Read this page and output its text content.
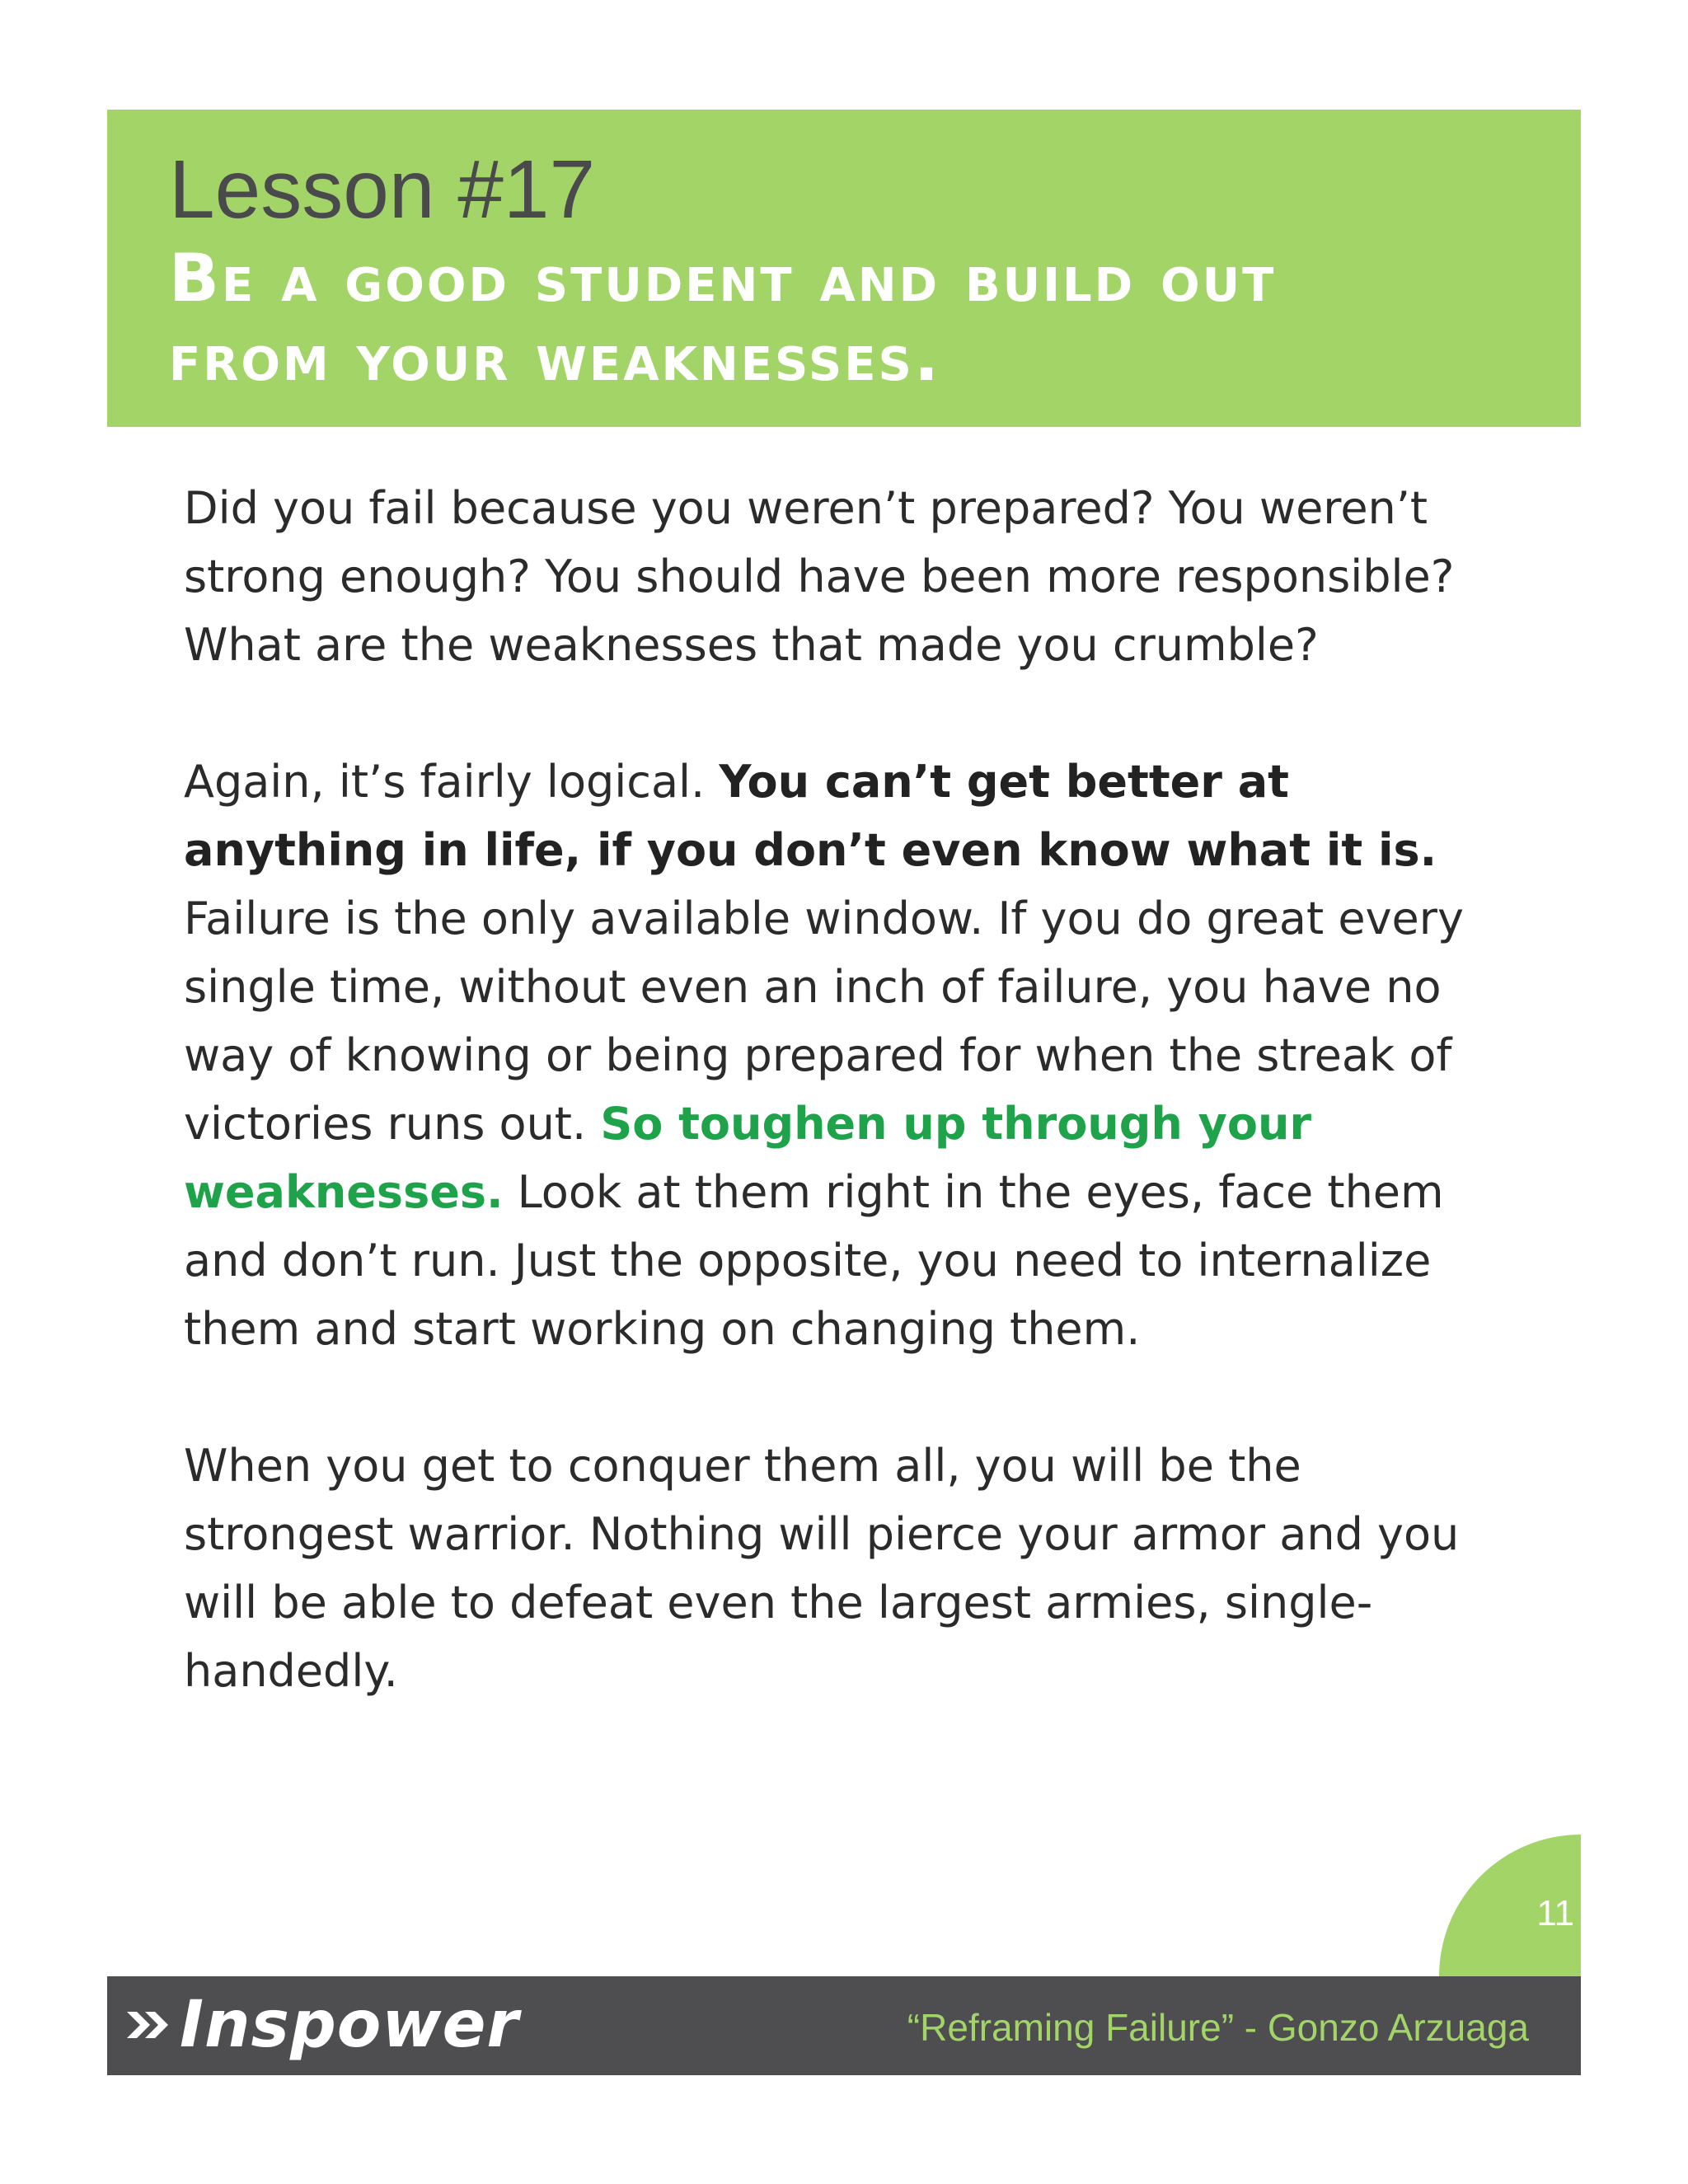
Lesson #17
Be a good student and build out from your weaknesses.

Did you fail because you weren’t prepared? You weren’t strong enough? You should have been more responsible? What are the weaknesses that made you crumble?

Again, it’s fairly logical. You can’t get better at anything in life, if you don’t even know what it is. Failure is the only available window. If you do great every single time, without even an inch of failure, you have no way of knowing or being prepared for when the streak of victories runs out. So toughen up through your weaknesses. Look at them right in the eyes, face them and don’t run. Just the opposite, you need to internalize them and start working on changing them.

When you get to conquer them all, you will be the strongest warrior. Nothing will pierce your armor and you will be able to defeat even the largest armies, single-handedly.

11
Inspower	“Reframing Failure” - Gonzo Arzuaga
